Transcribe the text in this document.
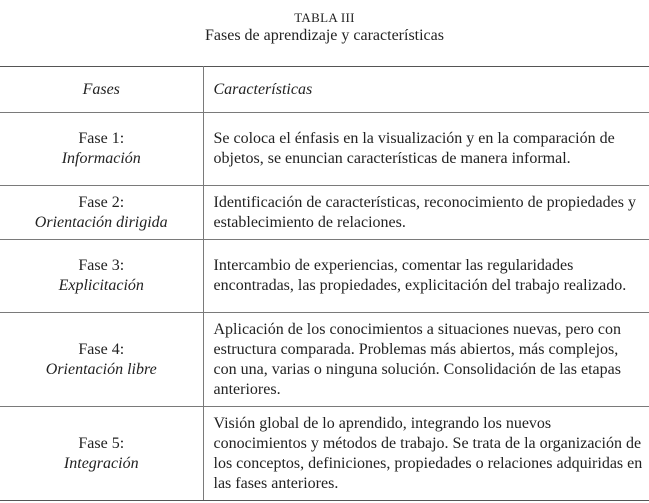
TABLA III
Fases de aprendizaje y características
Fases	Características

Fase 1:
Información	Se coloca el énfasis en la visualización y en la comparación de objetos, se enuncian características de manera informal.

Fase 2:
Orientación dirigida	Identificación de características, reconocimiento de propiedades y establecimiento de relaciones.

Fase 3:
Explicitación	Intercambio de experiencias, comentar las regularidades encontradas, las propiedades, explicitación del trabajo realizado.

Fase 4:
Orientación libre	Aplicación de los conocimientos a situaciones nuevas, pero con estructura comparada. Problemas más abiertos, más complejos, con una, varias o ninguna solución. Consolidación de las etapas anteriores.

Fase 5:
Integración	Visión global de lo aprendido, integrando los nuevos conocimientos y métodos de trabajo. Se trata de la organización de los conceptos, definiciones, propiedades o relaciones adquiridas en las fases anteriores.
